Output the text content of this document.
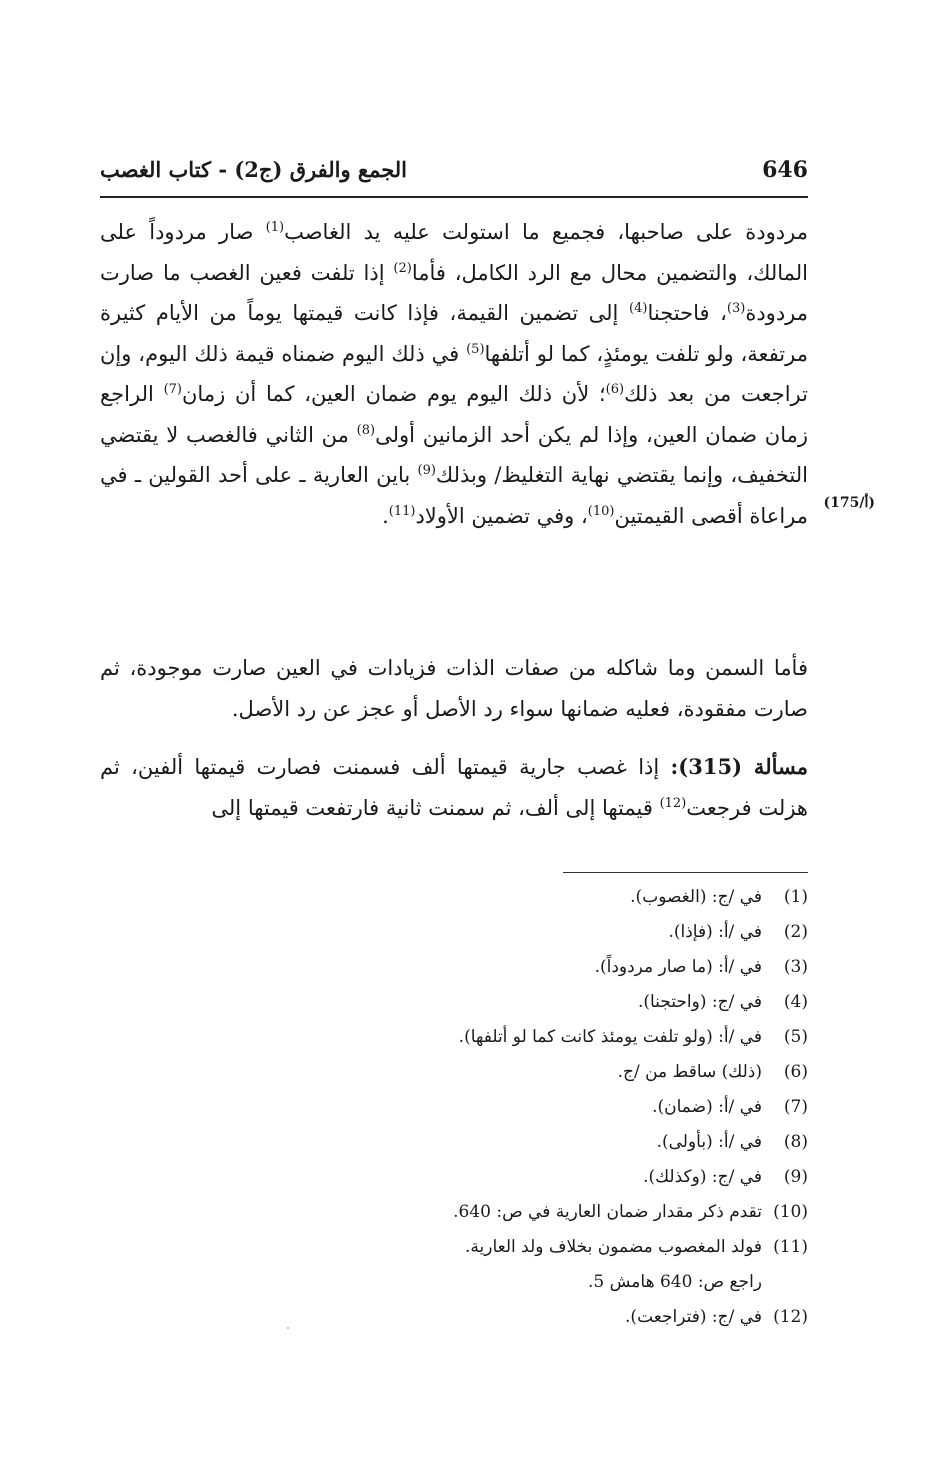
646
الجمع والفرق (ج2) - كتاب الغصب
مردودة على صاحبها، فجميع ما استولت عليه يد الغاصب$^{(1)}$ صار مردوداً على المالك، والتضمين محال مع الرد الكامل، فأما$^{(2)}$ إذا تلفت فعين الغصب ما صارت مردودة$^{(3)}$، فاحتجنا$^{(4)}$ إلى تضمين القيمة، فإذا كانت قيمتها يوماً من الأيام كثيرة مرتفعة، ولو تلفت يومئذٍ، كما لو أتلفها$^{(5)}$ في ذلك اليوم ضمناه قيمة ذلك اليوم، وإن تراجعت من بعد ذلك$^{(6)}$؛ لأن ذلك اليوم يوم ضمان العين، كما أن زمان$^{(7)}$ الراجع زمان ضمان العين، وإذا لم يكن أحد الزمانين أولى$^{(8)}$ من الثاني فالغصب لا يقتضي التخفيف، وإنما يقتضي نهاية التغليظ/ وبذلك$^{(9)}$ باين العارية ـ على أحد القولين ـ في مراعاة أقصى القيمتين$^{(10)}$، وفي تضمين الأولاد$^{(11)}$.
(175/أ)
فأما السمن وما شاكله من صفات الذات فزيادات في العين صارت موجودة، ثم صارت مفقودة، فعليه ضمانها سواء رد الأصل أو عجز عن رد الأصل.
مسألة (315): إذا غصب جارية قيمتها ألف فسمنت فصارت قيمتها ألفين، ثم هزلت فرجعت$^{(12)}$ قيمتها إلى ألف، ثم سمنت ثانية فارتفعت قيمتها إلى
(1)في /ج: (الغصوب).
(2)في /أ: (فإذا).
(3)في /أ: (ما صار مردوداً).
(4)في /ج: (واحتجنا).
(5)في /أ: (ولو تلفت يومئذ كانت كما لو أتلفها).
(6)(ذلك) ساقط من /ج.
(7)في /أ: (ضمان).
(8)في /أ: (بأولى).
(9)في /ج: (وكذلك).
(10)تقدم ذكر مقدار ضمان العارية في ص: 640.
(11)فولد المغصوب مضمون بخلاف ولد العارية.
راجع ص: 640 هامش 5.
(12)في /ج: (فتراجعت).
